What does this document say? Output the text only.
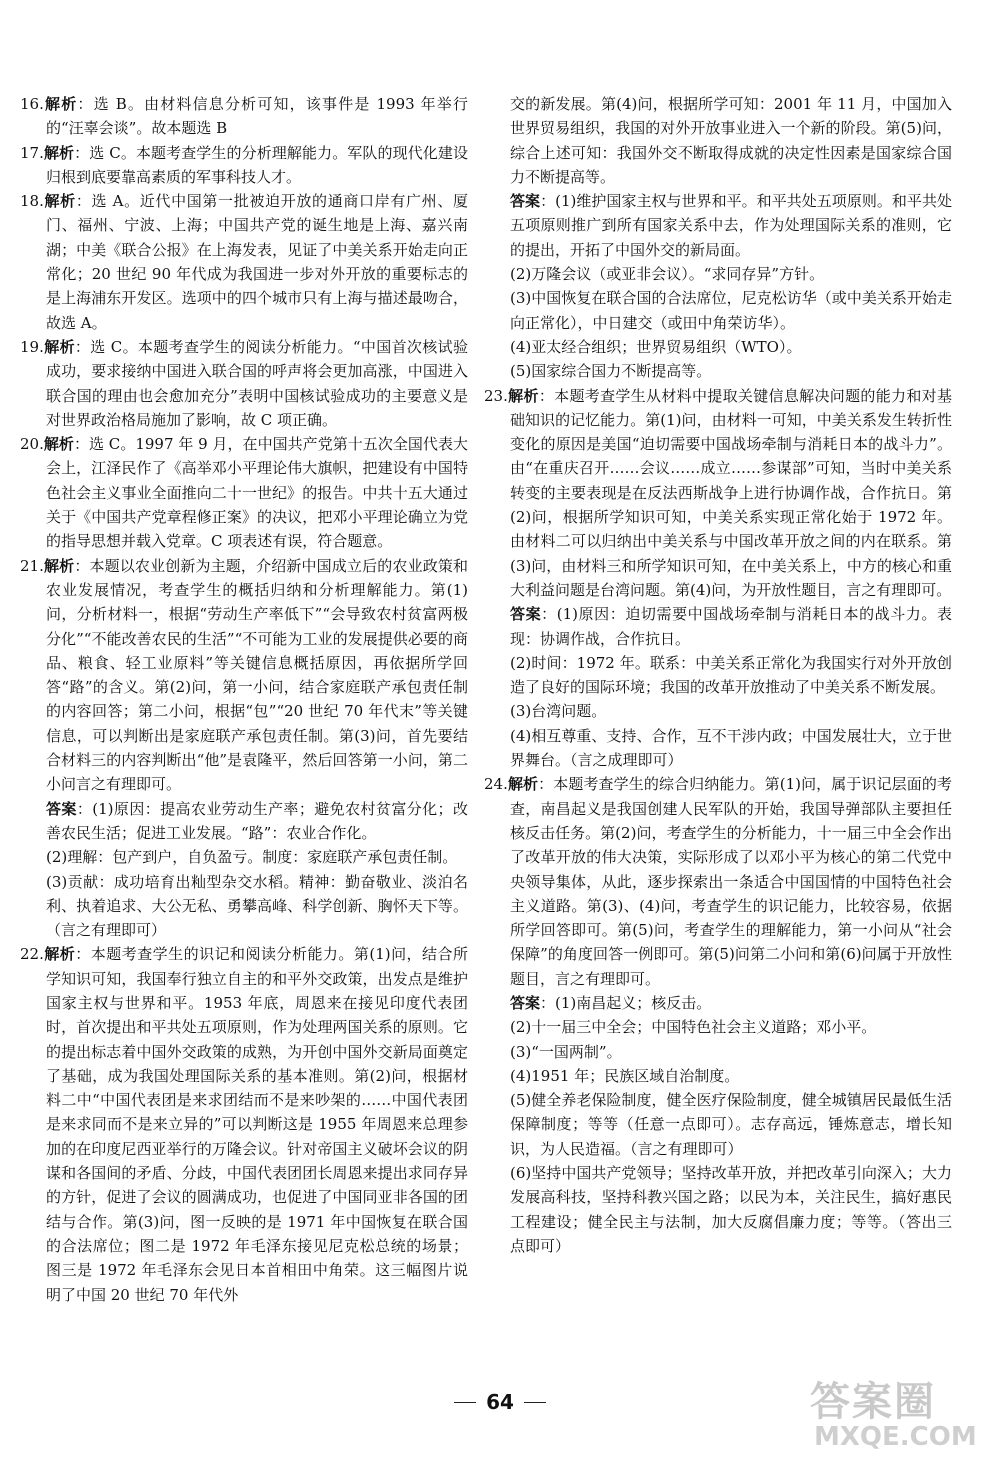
16.解析：选 B。由材料信息分析可知，该事件是 1993 年举行的“汪辜会谈”。故本题选 B

17.解析：选 C。本题考查学生的分析理解能力。军队的现代化建设归根到底要靠高素质的军事科技人才。

18.解析：选 A。近代中国第一批被迫开放的通商口岸有广州、厦门、福州、宁波、上海；中国共产党的诞生地是上海、嘉兴南湖；中美《联合公报》在上海发表，见证了中美关系开始走向正常化；20 世纪 90 年代成为我国进一步对外开放的重要标志的是上海浦东开发区。选项中的四个城市只有上海与描述最吻合，故选 A。

19.解析：选 C。本题考查学生的阅读分析能力。“中国首次核试验成功，要求接纳中国进入联合国的呼声将会更加高涨，中国进入联合国的理由也会愈加充分”表明中国核试验成功的主要意义是对世界政治格局施加了影响，故 C 项正确。

20.解析：选 C。1997 年 9 月，在中国共产党第十五次全国代表大会上，江泽民作了《高举邓小平理论伟大旗帜，把建设有中国特色社会主义事业全面推向二十一世纪》的报告。中共十五大通过关于《中国共产党章程修正案》的决议，把邓小平理论确立为党的指导思想并载入党章。C 项表述有误，符合题意。

21.解析：本题以农业创新为主题，介绍新中国成立后的农业政策和农业发展情况，考查学生的概括归纳和分析理解能力。第(1)问，分析材料一，根据“劳动生产率低下”“会导致农村贫富两极分化”“不能改善农民的生活”“不可能为工业的发展提供必要的商品、粮食、轻工业原料”等关键信息概括原因，再依据所学回答“路”的含义。第(2)问，第一小问，结合家庭联产承包责任制的内容回答；第二小问，根据“包”“20 世纪 70 年代末”等关键信息，可以判断出是家庭联产承包责任制。第(3)问，首先要结合材料三的内容判断出“他”是袁隆平，然后回答第一小问，第二小问言之有理即可。

答案：(1)原因：提高农业劳动生产率；避免农村贫富分化；改善农民生活；促进工业发展。“路”：农业合作化。

(2)理解：包产到户，自负盈亏。制度：家庭联产承包责任制。

(3)贡献：成功培育出籼型杂交水稻。精神：勤奋敬业、淡泊名利、执着追求、大公无私、勇攀高峰、科学创新、胸怀天下等。（言之有理即可）

22.解析：本题考查学生的识记和阅读分析能力。第(1)问，结合所学知识可知，我国奉行独立自主的和平外交政策，出发点是维护国家主权与世界和平。1953 年底，周恩来在接见印度代表团时，首次提出和平共处五项原则，作为处理两国关系的原则。它的提出标志着中国外交政策的成熟，为开创中国外交新局面奠定了基础，成为我国处理国际关系的基本准则。第(2)问，根据材料二中“中国代表团是来求团结而不是来吵架的……中国代表团是来求同而不是来立异的”可以判断这是 1955 年周恩来总理参加的在印度尼西亚举行的万隆会议。针对帝国主义破坏会议的阴谋和各国间的矛盾、分歧，中国代表团团长周恩来提出求同存异的方针，促进了会议的圆满成功，也促进了中国同亚非各国的团结与合作。第(3)问，图一反映的是 1971 年中国恢复在联合国的合法席位；图二是 1972 年毛泽东接见尼克松总统的场景；图三是 1972 年毛泽东会见日本首相田中角荣。这三幅图片说明了中国 20 世纪 70 年代外

交的新发展。第(4)问，根据所学可知：2001 年 11 月，中国加入世界贸易组织，我国的对外开放事业进入一个新的阶段。第(5)问，综合上述可知：我国外交不断取得成就的决定性因素是国家综合国力不断提高等。

答案：(1)维护国家主权与世界和平。和平共处五项原则。和平共处五项原则推广到所有国家关系中去，作为处理国际关系的准则，它的提出，开拓了中国外交的新局面。

(2)万隆会议（或亚非会议）。“求同存异”方针。

(3)中国恢复在联合国的合法席位，尼克松访华（或中美关系开始走向正常化），中日建交（或田中角荣访华）。

(4)亚太经合组织；世界贸易组织（WTO）。

(5)国家综合国力不断提高等。

23.解析：本题考查学生从材料中提取关键信息解决问题的能力和对基础知识的记忆能力。第(1)问，由材料一可知，中美关系发生转折性变化的原因是美国“迫切需要中国战场牵制与消耗日本的战斗力”。由“在重庆召开……会议……成立……参谋部”可知，当时中美关系转变的主要表现是在反法西斯战争上进行协调作战，合作抗日。第(2)问，根据所学知识可知，中美关系实现正常化始于 1972 年。由材料二可以归纳出中美关系与中国改革开放之间的内在联系。第(3)问，由材料三和所学知识可知，在中美关系上，中方的核心和重大利益问题是台湾问题。第(4)问，为开放性题目，言之有理即可。

答案：(1)原因：迫切需要中国战场牵制与消耗日本的战斗力。表现：协调作战，合作抗日。

(2)时间：1972 年。联系：中美关系正常化为我国实行对外开放创造了良好的国际环境；我国的改革开放推动了中美关系不断发展。

(3)台湾问题。

(4)相互尊重、支持、合作，互不干涉内政；中国发展壮大，立于世界舞台。（言之成理即可）

24.解析：本题考查学生的综合归纳能力。第(1)问，属于识记层面的考查，南昌起义是我国创建人民军队的开始，我国导弹部队主要担任核反击任务。第(2)问，考查学生的分析能力，十一届三中全会作出了改革开放的伟大决策，实际形成了以邓小平为核心的第二代党中央领导集体，从此，逐步探索出一条适合中国国情的中国特色社会主义道路。第(3)、(4)问，考查学生的识记能力，比较容易，依据所学回答即可。第(5)问，考查学生的理解能力，第一小问从“社会保障”的角度回答一例即可。第(5)问第二小问和第(6)问属于开放性题目，言之有理即可。

答案：(1)南昌起义；核反击。

(2)十一届三中全会；中国特色社会主义道路；邓小平。

(3)“一国两制”。

(4)1951 年；民族区域自治制度。

(5)健全养老保险制度，健全医疗保险制度，健全城镇居民最低生活保障制度；等等（任意一点即可）。志存高远，锤炼意志，增长知识，为人民造福。（言之有理即可）

(6)坚持中国共产党领导；坚持改革开放，并把改革引向深入；大力发展高科技，坚持科教兴国之路；以民为本，关注民生，搞好惠民工程建设；健全民主与法制，加大反腐倡廉力度；等等。（答出三点即可）

64	答案圈
MXQE.COM
